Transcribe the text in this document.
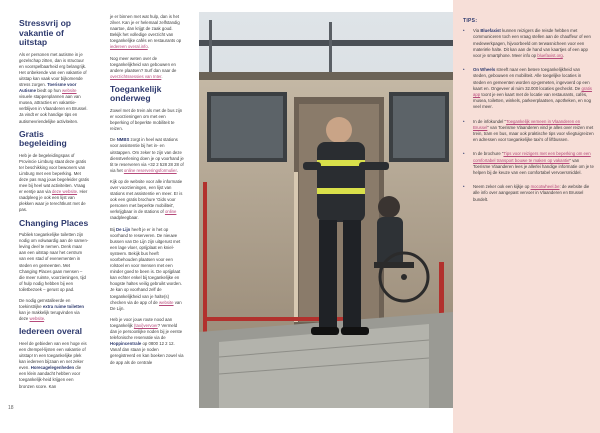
Stressvrij op vakantie of uitstap

Als er personen met autisme in je gezelschap zitten, dan is structuur en voorspelbaarheid erg belangrijk. Het onbekende van een vakantie of uitstap kan vaak voor bijkomende stress zorgen. Toerisme voor Autisme biedt op hun website visuele stappenplannen aan van musea, attracties en vakantie-verblijven in Vlaanderen en Brussel. Ja vindt er ook handige tips en autismevriendelijke activiteiten.

Gratis begeleiding

Heb je de begeleidingspas of Provincie Limburg staat deze gratis ter beschikking voor bewoners van Limburg met een beperking. Met deze pas mag jouw begeleider gratis mee bij heel wat activiteiten. Vraag er eentje aan via deze website. Hier raadpleeg je ook een lijst van plekken waar je terechtkunt met de pas.

Changing Places

Publiek toegankelijke toiletten zijn nodig om volwaardig aan de samen-leving deel te nemen. Denk maar aan een uitstap naar het centrum van een stad of evenementen in steden en gemeenten. Met Changing Places gaan mensen – die meer ruimte, voorzieningen, tijd of hulp nodig hebben bij een toiletbezoek – gerust op pad.

De nodig geïnstalleerde en toekinstrijke extra ruime toiletten kan je makkelijk terugvinden via deze website.

Iedereen overal

Heel de gebieden van een hoge eis een drempel-lijsten een vakantie of uitstap! In een toegankelijke plek kan iedereen bijzaan en net zeker even. Horecagelegenheden die een klein aandacht hebben voor toegankelijk-heid krijgen een bronzen score. Kan

je er binnen met wat hulp, dan is het zilver. Kan je er helemaal zelfstandig naartoe, dan krijgt de zaak goud. Bekijk het volledige overzicht van toegankelijke cafés en restaurants op iedereen overal.info.

Nog meer weten over de toegankelijkheid van gebouwen en andere plaatsen? Surf dan naar de overzichtssessies van Inter.

Toegankelijk onderweg

Zowel met de trein als met de bus zijn er voorzieningen om met een beperking of beperkte mobiliteit te reizen.

De NMBS zorgt in heel wat stations voor assistentie bij het in- en uitstappen. Om zeker te zijn van deze dienstverlening doen je op voorhand je tit te reserveren via +32 2 528 28 28 of via het online reserveringsformulier.

Kijk op de website voor alle informatie over voorzieningen, een lijst van stations met assistentie en meer. Er is ook een gratis brochure 'Gids voor personen met beperkte mobiliteit', verkrijgbaar in de stations of online raadpleegbaar.

Bij De Lijn heeft je er in het op voorhand te reserveren. De nieuwe bussen van De Lijn zijn uitgerust met een lage vloer, oprijplaat en kniel-systeem. Bekijk bus heeft voorbehouden plaatsen voor een rolstoel en voor mensen met een minder goed te been is. De oprijplaat kan echter enkel bij toegankelijke en hoogste haltes veilig gebruikt worden. Je kan op voorhand zelf de toegankelijkheid van je halte(s) checken via de app of de website van De Lijn.

Heb je voor jouw route nood aan toegankelijk (taxi)vervoer? Vermeld dan je persoonlijke noden bij je eerste telefonische reservatie via de Hoppincentrale op 0800 12 2 12. Vanaf dan staan je noden geregistreerd en kan boeken zowel via de app als de centrale

TIPS:
•	Via Bluefaxist kunnen reizigers die reisde hebben met communiceren toch een vraag stellen aan de chauffeur of een medewerkpagen, hijvoorbeeld om terwasnicheen voor een materiële halte. Dit kan aan de hand van kaartjes of een app voor je smartphone. Meer info op bluefaxist.org.
•	On Wheels streeft naar een betere toegankelijkheid van steden, gebouwen en mobiliteit. Alle toegelijke locaties in steden en gemeenten worden op-gemeten, ingevoerd op een kaart en. Ongeveer al ruim 32.000 locaties gecheckt. De gratis app toont je een kaart met de locatie van restaurants, cafés, musea, toiletten, winkels, parkeerplaatsen, apotheken, en nog veel meer.
•	In de infokundel "Toegankelijk verneen in Vlaanderen en Brussel" van Toerisme Vlaanderen vind je alles over reizen met trein, tram en bus, maar ook praktische tips voor vliegtuigreizen en adressen voor toegankelijke taxi's of liftbussen.
•	In de brochure "Tips voor reizigers met een beperking om een comfortabel transport bouwe te maken op vakantie" van Toerisme Vlaanderen lees je allerlei handige informatie om je te helpen bij de keuze van een comfortabel vervoersmiddel.
•	Neem zeker ook een kijkje op mocotwheel.be: de website die alle info over aangepast vervoer in Vlaanderen en Brussel bundelt.
18
